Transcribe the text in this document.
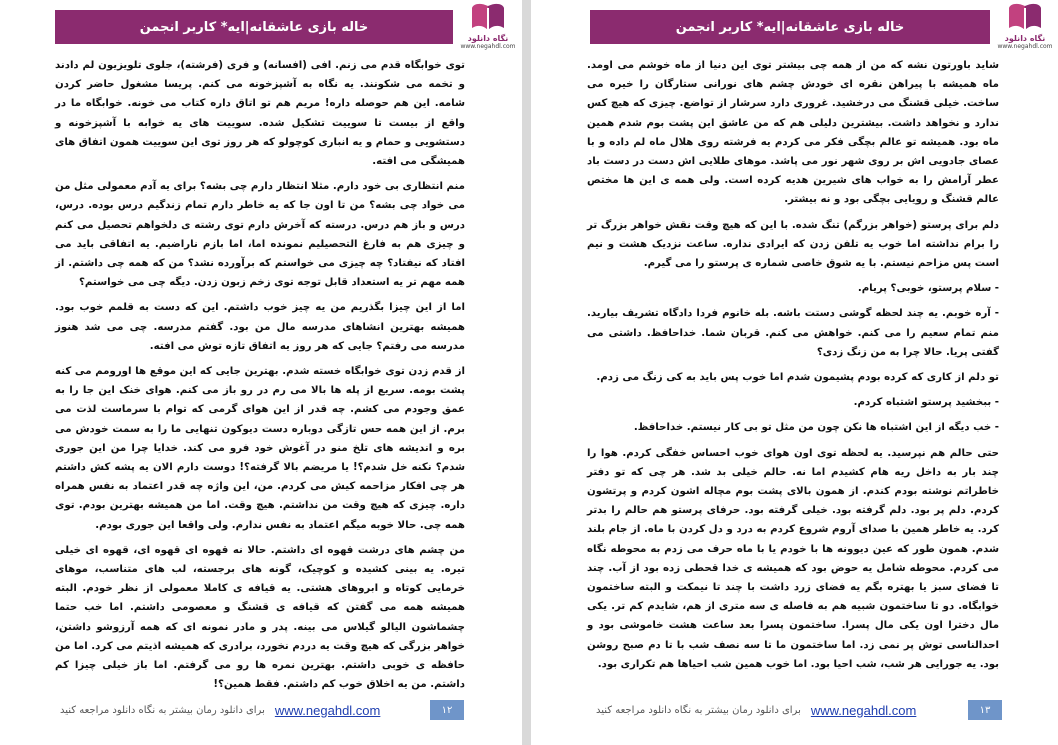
خاله بازی عاشقانه|ایه* کاربر انجمن
نگاه دانلود
www.negahdl.com

توی خوابگاه قدم می زنم. افی (افسانه) و فری (فرشته)، جلوی تلویزیون لم دادند و تخمه می شکونند. یه نگاه به آشپزخونه می کنم. پریسا مشغول حاضر کردن شامه. این هم حوصله داره! مریم هم تو اتاق داره کتاب می خونه. خوابگاه ما در واقع از بیست تا سوییت تشکیل شده. سوییت های یه خوابه با آشپزخونه و دستشویی و حمام و یه انباری کوچولو که هر روز توی این سوییت همون اتفاق های همیشگی می افته.

منم انتظاری بی خود دارم. مثلا انتظار دارم چی بشه؟ برای یه آدم معمولی مثل من می خواد چی بشه؟ من تا اون جا که یه خاطر دارم تمام زندگیم درس بوده. درس، درس و باز هم درس. درسته که آخرش دارم توی رشته ی دلخواهم تحصیل می کنم و چیزی هم به فارغ التحصیلیم نمونده اما، اما بازم ناراضیم. یه اتفاقی باید می افتاد که نیفتاد؟ چه چیزی می خواستم که برآورده نشد؟ من که همه چی داشتم. از همه مهم تر یه استعداد قابل توجه توی زخم زبون زدن. دیگه چی می خواستم؟

اما از این چیزا بگذریم من یه چیز خوب داشتم. این که دست به قلمم خوب بود. همیشه بهترین انشاهای مدرسه مال من بود. گفتم مدرسه. چی می شد هنوز مدرسه می رفتم؟ جایی که هر روز یه اتفاق تازه توش می افته.

از قدم زدن توی خوابگاه خسته شدم. بهترین جایی که این موقع ها اورومم می کنه پشت بومه. سریع از پله ها بالا می رم در رو باز می کنم. هوای خنک این جا را به عمق وجودم می کشم. چه قدر از این هوای گرمی که توام با سرماست لذت می برم. از این همه حس تازگی دوباره دست دیوکون تنهایی ما را به سمت خودش می بره و اندیشه های تلخ منو در آغوش خود فرو می کند. خدایا چرا من این جوری شدم؟ نکنه خل شدم؟! یا مریضم بالا گرفته؟! دوست دارم الان یه پشه کش داشتم هر چی افکار مزاحمه کیش می کردم. من، این واژه چه قدر اعتماد به نفس همراه داره. چیزی که هیچ وقت من نداشتم. هیچ وقت. اما من همیشه بهترین بودم. توی همه چی. حالا خوبه میگم اعتماد به نفس ندارم. ولی واقعا این جوری بودم.

من چشم های درشت قهوه ای داشتم. حالا نه قهوه ای قهوه ای، قهوه ای خیلی تیره. یه بینی کشیده و کوچیک، گونه های برجسته، لب های متناسب، موهای خرمایی کوتاه و ابروهای هشتی. یه قیافه ی کاملا معمولی از نظر خودم. البته همیشه همه می گفتن که قیافه ی قشنگ و معصومی داشتم. اما خب حتما چشماشون الیالو گیلاس می بینه. پدر و مادر نمونه ای که همه آرزوشو داشتن، خواهر بزرگی که هیچ وقت یه دردم نخورد، برادری که همیشه اذیتم می کرد. اما من حافظه ی خوبی داشتم. بهترین نمره ها رو می گرفتم. اما باز خیلی چیزا کم داشتم. من یه اخلاق خوب کم داشتم. فقط همین؟!

برای دانلود رمان بیشتر به نگاه دانلود مراجعه کنید www.negahdl.com	۱۲
خاله بازی عاشقانه|ایه* کاربر انجمن
نگاه دانلود
www.negahdl.com

شاید باورتون نشه که من از همه چی بیشتر توی این دنیا از ماه خوشم می اومد. ماه همیشه با پیراهن نقره ای خودش چشم های نورانی ستارگان را خیره می ساخت. خیلی قشنگ می درخشید. غروری دارد سرشار از تواضع. چیزی که هیچ کس ندارد و نخواهد داشت. بیشترین دلیلی هم که من عاشق این پشت بوم شدم همین ماه بود. همیشه تو عالم بچگی فکر می کردم یه فرشته روی هلال ماه لم داده و با عصای جادویی اش بر روی شهر نور می پاشد. موهای طلایی اش دست در دست باد عطر آرامش را به خواب های شیرین هدیه کرده است. ولی همه ی این ها مختص عالم قشنگ و رویایی بچگی بود و نه بیشتر.

دلم برای پرستو (خواهر بزرگم) تنگ شده. با این که هیچ وقت نقش خواهر بزرگ تر را برام نداشته اما خوب یه تلفن زدن که ایرادی نداره. ساعت نزدیک هشت و نیم است پس مزاحم نیستم. با یه شوق خاصی شماره ی پرستو را می گیرم.

- سلام پرستو، خوبی؟ پریام.

- آره خوبم. یه چند لحظه گوشی دستت باشه. بله خانوم فردا دادگاه تشریف بیارید. منم تمام سعیم را می کنم. خواهش می کنم. قربان شما. خداحافظ. داشتی می گفتی پریا. حالا چرا به من زنگ زدی؟

تو دلم از کاری که کرده بودم پشیمون شدم اما خوب پس باید به کی زنگ می زدم.

- ببخشید پرستو اشتباه کردم.

- خب دیگه از این اشتباه ها نکن چون من مثل تو بی کار نیستم. خداحافظ.

حتی حالم هم نپرسید. یه لحظه توی اون هوای خوب احساس خفگی کردم. هوا را چند بار به داخل ریه هام کشیدم اما نه. حالم خیلی بد شد. هر چی که تو دفتر خاطراتم نوشته بودم کندم. از همون بالای پشت بوم مچاله اشون کردم و پرتشون کردم. دلم پر بود. دلم گرفته بود. خیلی گرفته بود. حرفای پرستو هم حالم را بدتر کرد. یه خاطر همین با صدای آروم شروع کردم به درد و دل کردن با ماه. از جام بلند شدم. همون طور که عین دیوونه ها با خودم یا با ماه حرف می زدم به محوطه نگاه می کردم. محوطه شامل یه حوض بود که همیشه ی خدا قحطی زده بود از آب. چند تا فضای سبز یا بهتره بگم یه فضای زرد داشت با چند تا نیمکت و البته ساختمون خوابگاه. دو تا ساختمون شبیه هم به فاصله ی سه متری از هم، شایدم کم تر. یکی مال دخترا اون یکی مال پسرا. ساختمون پسرا بعد ساعت هشت خاموشی بود و احدالناسی توش پر نمی زد. اما ساختمون ما تا سه نصف شب با تا دم صبح روشن بود. یه جورایی هر شب، شب احیا بود. اما خوب همین شب احیاها هم تکراری بود.

برای دانلود رمان بیشتر به نگاه دانلود مراجعه کنید www.negahdl.com	۱۳
